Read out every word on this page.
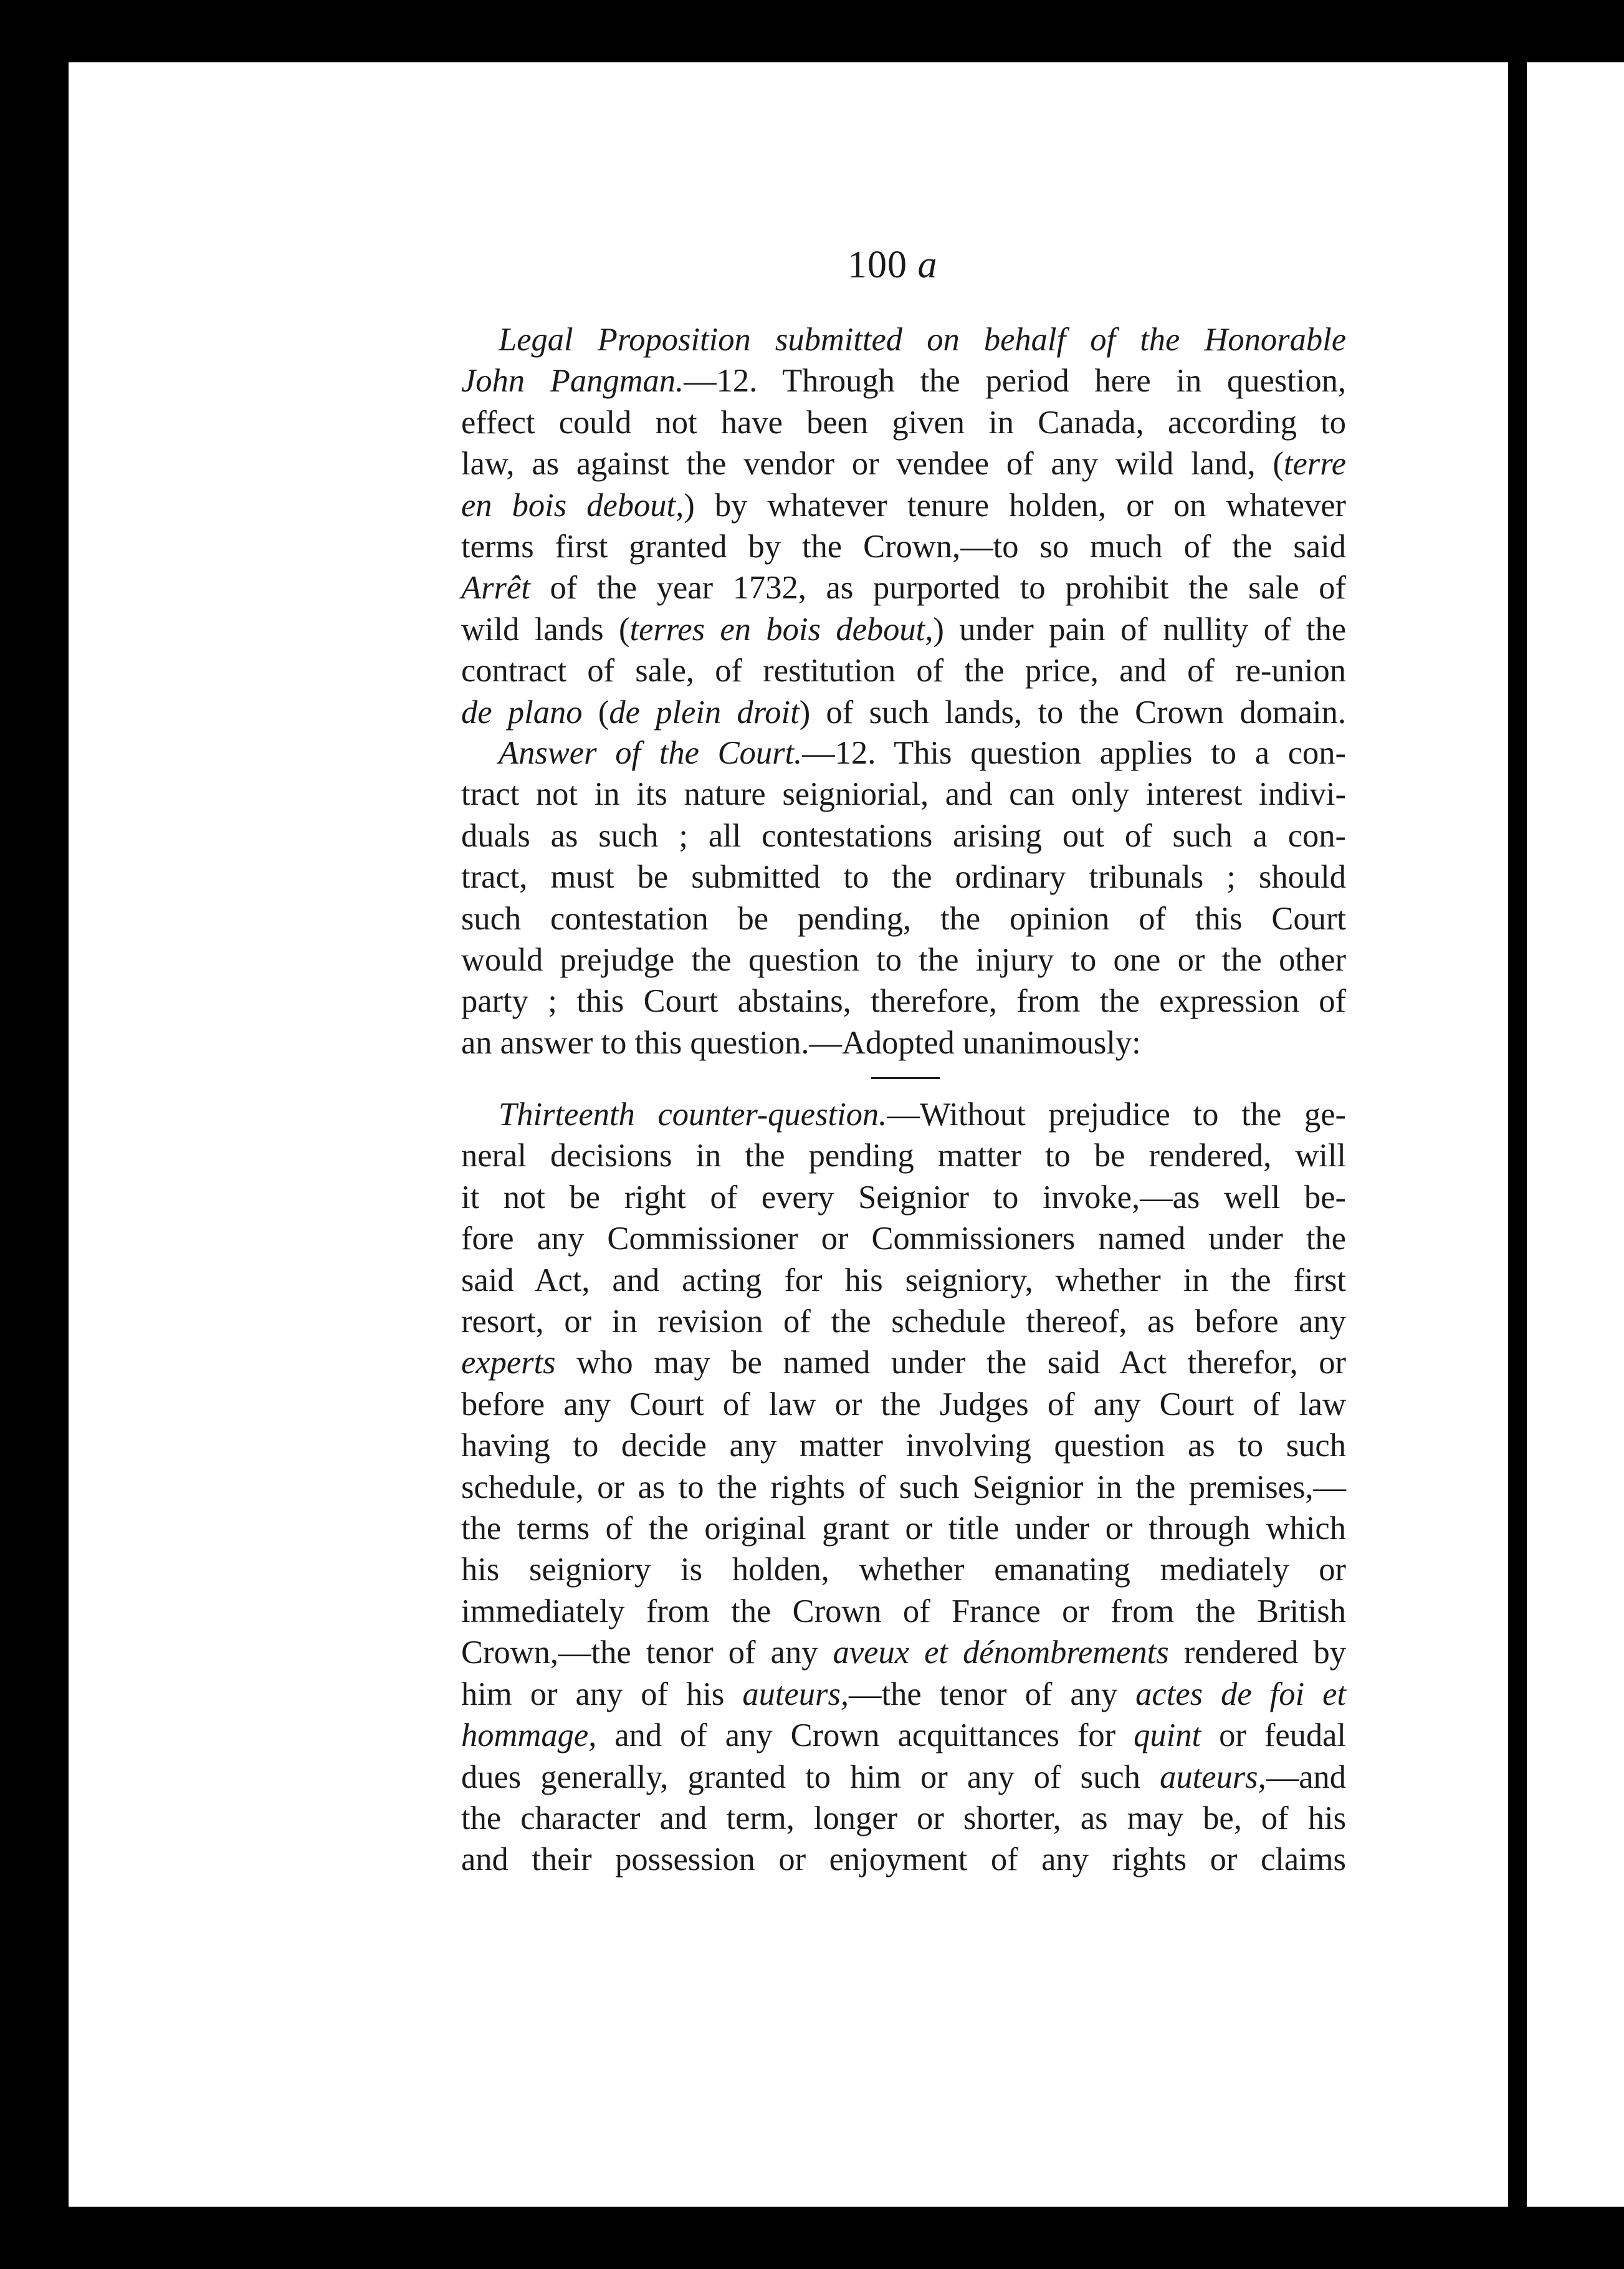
100 a
Legal Proposition submitted on behalf of the Honorable
John Pangman.—12. Through the period here in question,
effect could not have been given in Canada, according to
law, as against the vendor or vendee of any wild land, (terre
en bois debout,) by whatever tenure holden, or on whatever
terms first granted by the Crown,—to so much of the said
Arrêt of the year 1732, as purported to prohibit the sale of
wild lands (terres en bois debout,) under pain of nullity of the
contract of sale, of restitution of the price, and of re-union
de plano (de plein droit) of such lands, to the Crown domain.
Answer of the Court.—12. This question applies to a con-
tract not in its nature seigniorial, and can only interest indivi-
duals as such ; all contestations arising out of such a con-
tract, must be submitted to the ordinary tribunals ; should
such contestation be pending, the opinion of this Court
would prejudge the question to the injury to one or the other
party ; this Court abstains, therefore, from the expression of
an answer to this question.—Adopted unanimously:
Thirteenth counter-question.—Without prejudice to the ge-
neral decisions in the pending matter to be rendered, will
it not be right of every Seignior to invoke,—as well be-
fore any Commissioner or Commissioners named under the
said Act, and acting for his seigniory, whether in the first
resort, or in revision of the schedule thereof, as before any
experts who may be named under the said Act therefor, or
before any Court of law or the Judges of any Court of law
having to decide any matter involving question as to such
schedule, or as to the rights of such Seignior in the premises,—
the terms of the original grant or title under or through which
his seigniory is holden, whether emanating mediately or
immediately from the Crown of France or from the British
Crown,—the tenor of any aveux et dénombrements rendered by
him or any of his auteurs,—the tenor of any actes de foi et
hommage, and of any Crown acquittances for quint or feudal
dues generally, granted to him or any of such auteurs,—and
the character and term, longer or shorter, as may be, of his
and their possession or enjoyment of any rights or claims
